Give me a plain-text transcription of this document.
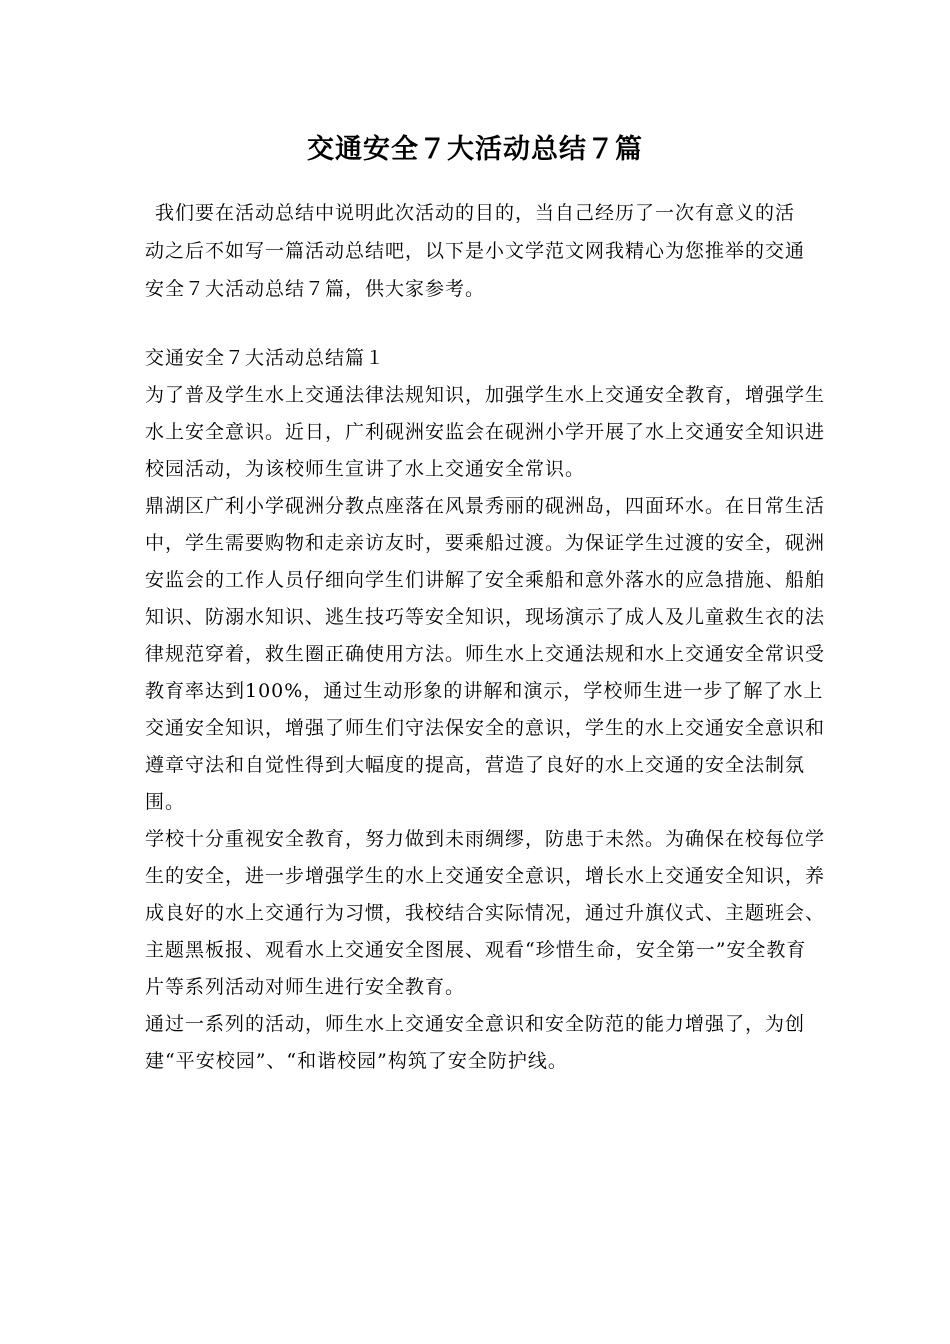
交通安全７大活动总结７篇
我们要在活动总结中说明此次活动的目的，当自己经历了一次有意义的活动之后不如写一篇活动总结吧，以下是小文学范文网我精心为您推举的交通安全７大活动总结７篇，供大家参考。

交通安全７大活动总结篇１

为了普及学生水上交通法律法规知识，加强学生水上交通安全教育，增强学生水上安全意识。近日，广利砚洲安监会在砚洲小学开展了水上交通安全知识进校园活动，为该校师生宣讲了水上交通安全常识。

鼎湖区广利小学砚洲分教点座落在风景秀丽的砚洲岛，四面环水。在日常生活中，学生需要购物和走亲访友时，要乘船过渡。为保证学生过渡的安全，砚洲安监会的工作人员仔细向学生们讲解了安全乘船和意外落水的应急措施、船舶知识、防溺水知识、逃生技巧等安全知识，现场演示了成人及儿童救生衣的法律规范穿着，救生圈正确使用方法。师生水上交通法规和水上交通安全常识受教育率达到100%，通过生动形象的讲解和演示，学校师生进一步了解了水上交通安全知识，增强了师生们守法保安全的意识，学生的水上交通安全意识和遵章守法和自觉性得到大幅度的提高，营造了良好的水上交通的安全法制氛围。

学校十分重视安全教育，努力做到未雨绸缪，防患于未然。为确保在校每位学生的安全，进一步增强学生的水上交通安全意识，增长水上交通安全知识，养成良好的水上交通行为习惯，我校结合实际情况，通过升旗仪式、主题班会、主题黑板报、观看水上交通安全图展、观看“珍惜生命，安全第一”安全教育片等系列活动对师生进行安全教育。

通过一系列的活动，师生水上交通安全意识和安全防范的能力增强了，为创建“平安校园”、“和谐校园”构筑了安全防护线。
